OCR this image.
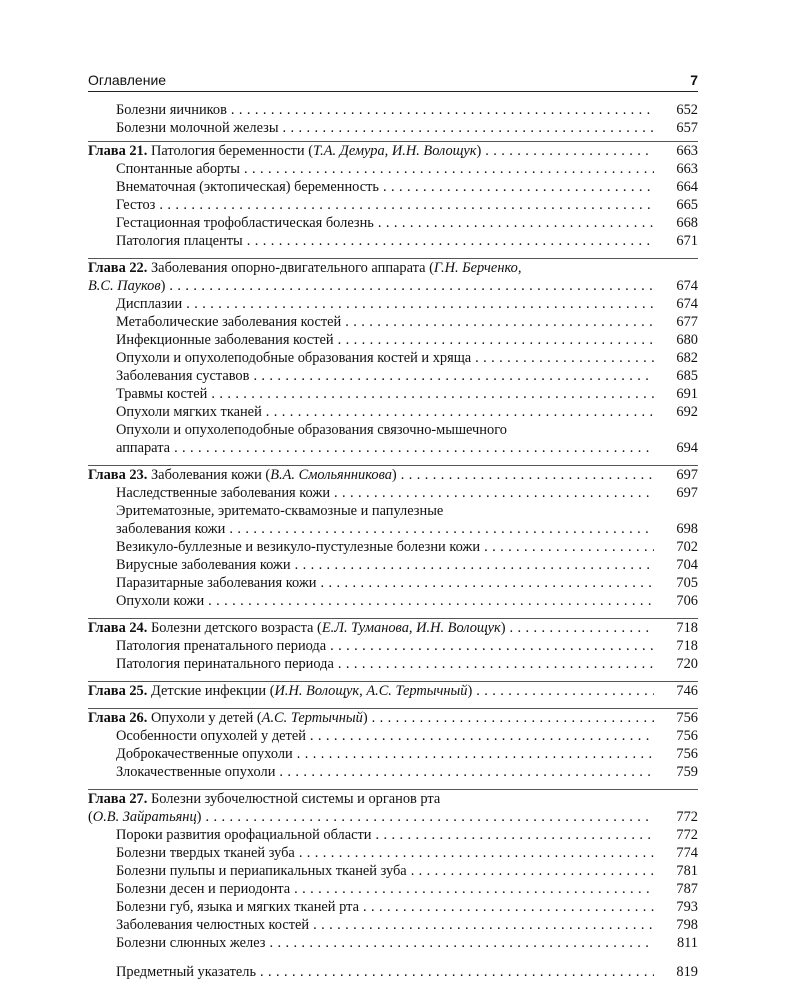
Оглавление	7
Болезни яичников . . .	652
Болезни молочной железы . . .	657
Глава 21. Патология беременности (Т.А. Демура, И.Н. Волощук) . . .	663
Спонтанные аборты . . .	663
Внематочная (эктопическая) беременность . . .	664
Гестоз . . .	665
Гестационная трофобластическая болезнь . . .	668
Патология плаценты . . .	671
Глава 22. Заболевания опорно-двигательного аппарата (Г.Н. Берченко,
В.С. Пауков) . . .	674
Дисплазии . . .	674
Метаболические заболевания костей . . .	677
Инфекционные заболевания костей . . .	680
Опухоли и опухолеподобные образования костей и хряща . . .	682
Заболевания суставов . . .	685
Травмы костей . . .	691
Опухоли мягких тканей . . .	692
Опухоли и опухолеподобные образования связочно-мышечного
аппарата . . .	694
Глава 23. Заболевания кожи (В.А. Смольянникова) . . .	697
Наследственные заболевания кожи . . .	697
Эритематозные, эритемато-сквамозные и папулезные
заболевания кожи . . .	698
Везикуло-буллезные и везикуло-пустулезные болезни кожи . . .	702
Вирусные заболевания кожи . . .	704
Паразитарные заболевания кожи . . .	705
Опухоли кожи . . .	706
Глава 24. Болезни детского возраста (Е.Л. Туманова, И.Н. Волощук) . . .	718
Патология пренатального периода . . .	718
Патология перинатального периода . . .	720
Глава 25. Детские инфекции (И.Н. Волощук, А.С. Тертычный) . . .	746
Глава 26. Опухоли у детей (А.С. Тертычный) . . .	756
Особенности опухолей у детей . . .	756
Доброкачественные опухоли . . .	756
Злокачественные опухоли . . .	759
Глава 27. Болезни зубочелюстной системы и органов рта
(О.В. Зайратьянц) . . .	772
Пороки развития орофациальной области . . .	772
Болезни твердых тканей зуба . . .	774
Болезни пульпы и периапикальных тканей зуба . . .	781
Болезни десен и периодонта . . .	787
Болезни губ, языка и мягких тканей рта . . .	793
Заболевания челюстных костей . . .	798
Болезни слюнных желез . . .	811
Предметный указатель . . .	819
